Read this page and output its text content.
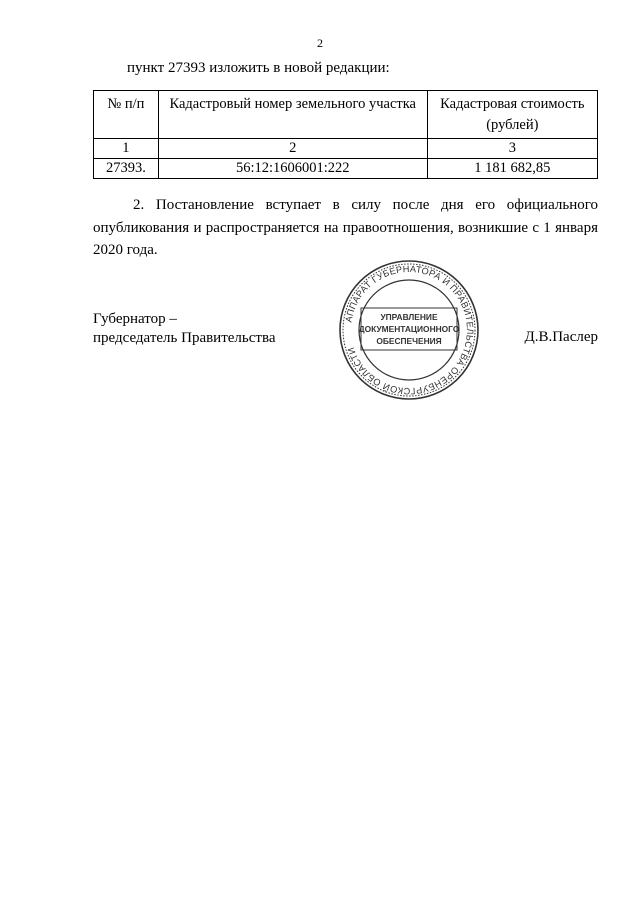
2
пункт 27393 изложить в новой редакции:
№ п/п	Кадастровый номер земельного участка	Кадастровая стоимость (рублей)
1	2	3
27393.	56:12:1606001:222	1 181 682,85

2. Постановление вступает в силу после дня его официального опубликования и распространяется на правоотношения, возникшие с 1 января 2020 года.

Губернатор –
председатель Правительства	Д.В.Паслер
АППАРАТ ГУБЕРНАТОРА И ПРАВИТЕЛЬСТВА ОРЕНБУРГСКОЙ ОБЛАСТИ
УПРАВЛЕНИЕ
ДОКУМЕНТАЦИОННОГО
ОБЕСПЕЧЕНИЯ
